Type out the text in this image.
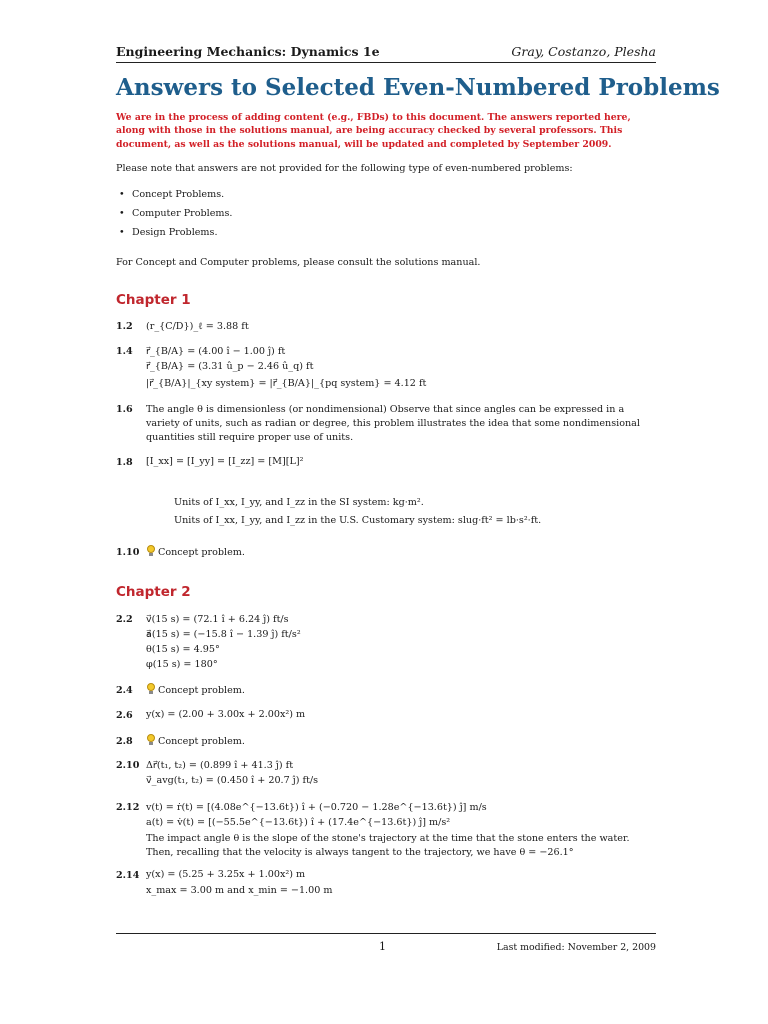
Engineering Mechanics: Dynamics 1e	Gray, Costanzo, Plesha
Answers to Selected Even-Numbered Problems
We are in the process of adding content (e.g., FBDs) to this document. The answers reported here, along with those in the solutions manual, are being accuracy checked by several professors. This document, as well as the solutions manual, will be updated and completed by September 2009.
Please note that answers are not provided for the following type of even-numbered problems:
• Concept Problems.
• Computer Problems.
• Design Problems.
For Concept and Computer problems, please consult the solutions manual.
Chapter 1
1.2 (r_{C/D})_ℓ = 3.88 ft
1.4 r⃗_{B/A} = (4.00 î − 1.00 ĵ) ft
r⃗_{B/A} = (3.31 û_p − 2.46 û_q) ft
|r⃗_{B/A}|_{xy system} = |r⃗_{B/A}|_{pq system} = 4.12 ft
1.6 The angle θ is dimensionless (or nondimensional) Observe that since angles can be expressed in a variety of units, such as radian or degree, this problem illustrates the idea that some nondimensional quantities still require proper use of units.
1.8 [I_xx] = [I_yy] = [I_zz] = [M][L]²
Units of I_xx, I_yy, and I_zz in the SI system: kg·m².
Units of I_xx, I_yy, and I_zz in the U.S. Customary system: slug·ft² = lb·s²·ft.
1.10	Concept problem.
Chapter 2
2.2 v⃗(15 s) = (72.1 î + 6.24 ĵ) ft/s
a⃗(15 s) = (−15.8 î − 1.39 ĵ) ft/s²
θ(15 s) = 4.95°
φ(15 s) = 180°
2.4	Concept problem.
2.6 y(x) = (2.00 + 3.00x + 2.00x²) m
2.8	Concept problem.
2.10 Δr⃗(t₁, t₂) = (0.899 î + 41.3 ĵ) ft
v⃗_avg(t₁, t₂) = (0.450 î + 20.7 ĵ) ft/s
2.12 v(t) = ṙ(t) = [(4.08e^{−13.6t}) î + (−0.720 − 1.28e^{−13.6t}) ĵ] m/s
a(t) = v̇(t) = [(−55.5e^{−13.6t}) î + (17.4e^{−13.6t}) ĵ] m/s²
The impact angle θ is the slope of the stone's trajectory at the time that the stone enters the water. Then, recalling that the velocity is always tangent to the trajectory, we have θ = −26.1°
2.14 y(x) = (5.25 + 3.25x + 1.00x²) m
x_max = 3.00 m and x_min = −1.00 m
1	Last modified: November 2, 2009
